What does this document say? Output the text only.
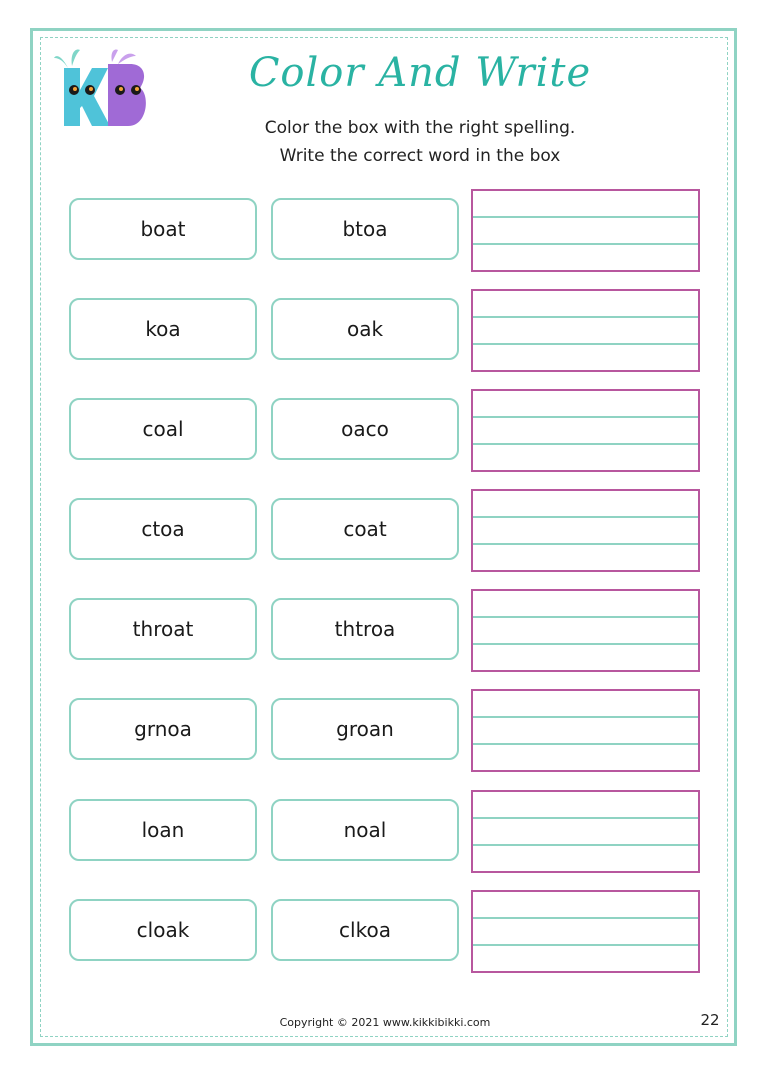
Color And Write
Color the box with the right spelling.
Write the correct word in the box
boat	btoa
koa	oak
coal	oaco
ctoa	coat
throat	thtroa
grnoa	groan
loan	noal
cloak	clkoa
Copyright © 2021 www.kikkibikki.com	22
